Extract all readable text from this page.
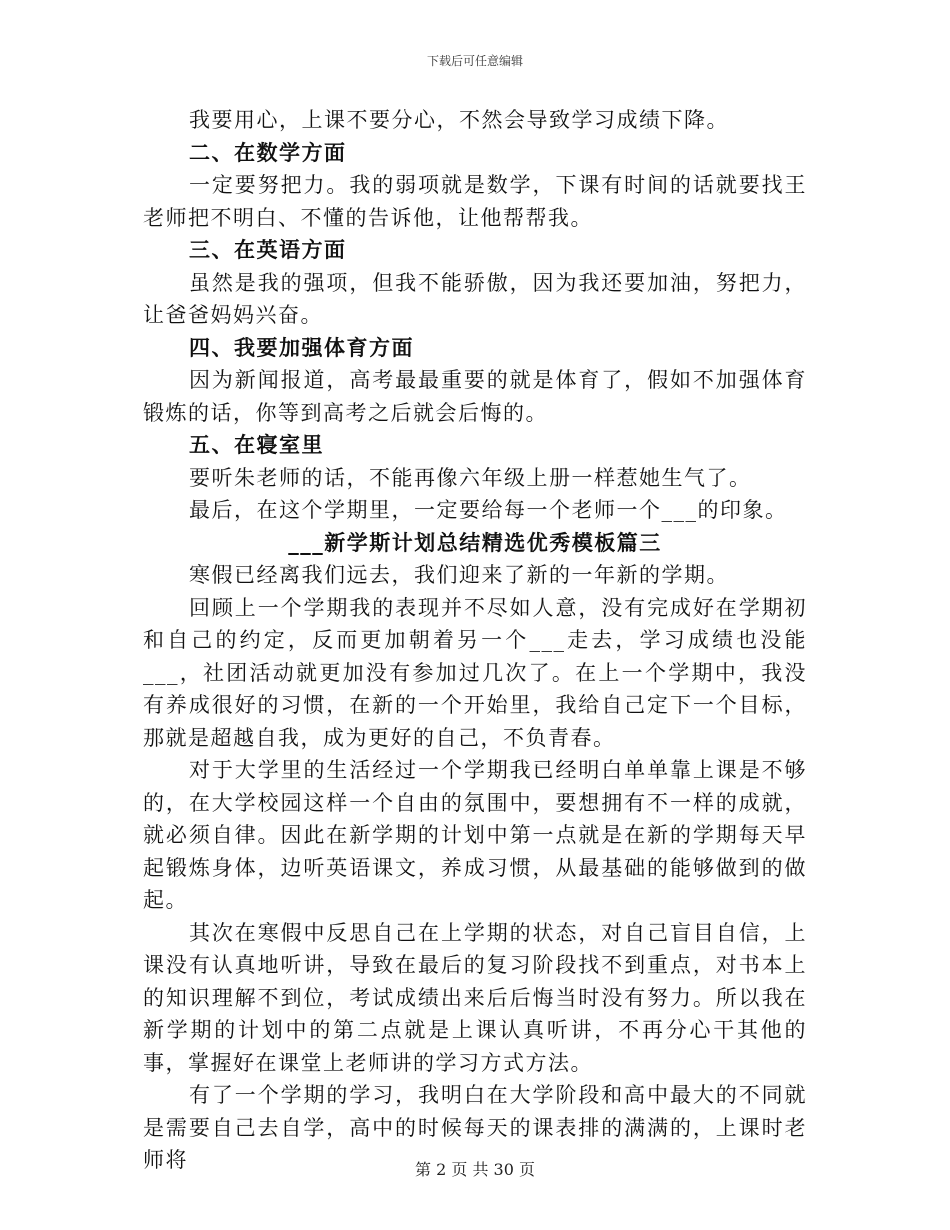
下载后可任意编辑

我要用心，上课不要分心，不然会导致学习成绩下降。

二、在数学方面

一定要努把力。我的弱项就是数学，下课有时间的话就要找王老师把不明白、不懂的告诉他，让他帮帮我。

三、在英语方面

虽然是我的强项，但我不能骄傲，因为我还要加油，努把力，让爸爸妈妈兴奋。

四、我要加强体育方面

因为新闻报道，高考最最重要的就是体育了，假如不加强体育锻炼的话，你等到高考之后就会后悔的。

五、在寝室里

要听朱老师的话，不能再像六年级上册一样惹她生气了。

最后，在这个学期里，一定要给每一个老师一个___的印象。

___新学斯计划总结精选优秀模板篇三

寒假已经离我们远去，我们迎来了新的一年新的学期。

回顾上一个学期我的表现并不尽如人意，没有完成好在学期初和自己的约定，反而更加朝着另一个___走去，学习成绩也没能___，社团活动就更加没有参加过几次了。在上一个学期中，我没有养成很好的习惯，在新的一个开始里，我给自己定下一个目标，那就是超越自我，成为更好的自己，不负青春。

对于大学里的生活经过一个学期我已经明白单单靠上课是不够的，在大学校园这样一个自由的氛围中，要想拥有不一样的成就，就必须自律。因此在新学期的计划中第一点就是在新的学期每天早起锻炼身体，边听英语课文，养成习惯，从最基础的能够做到的做起。

其次在寒假中反思自己在上学期的状态，对自己盲目自信，上课没有认真地听讲，导致在最后的复习阶段找不到重点，对书本上的知识理解不到位，考试成绩出来后后悔当时没有努力。所以我在新学期的计划中的第二点就是上课认真听讲，不再分心干其他的事，掌握好在课堂上老师讲的学习方式方法。

有了一个学期的学习，我明白在大学阶段和高中最大的不同就是需要自己去自学，高中的时候每天的课表排的满满的，上课时老师将	第 2 页 共 30 页
